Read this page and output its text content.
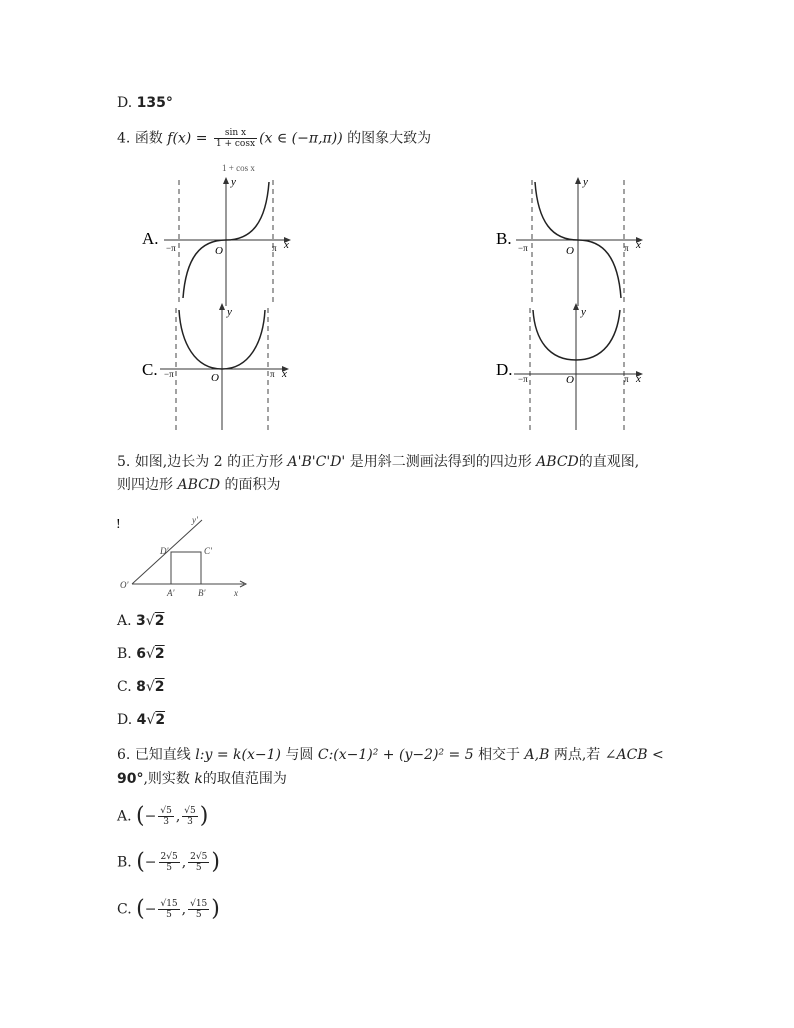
D. 135°
4. 函数 $f(x) = \frac{\text{sin x}}{1 + \cos x} (x$ ∈ (−π,π)) 的图象大致为
1 + cos x
A.
y
x
O
−π	π	B.
y
x
O
−π	π
C.
y
x
O
−π	π	D.
y
x
O
−π	π
5. 如图,边长为 2 的正方形 A'B'C'D' 是用斜二测画法得到的四边形 ABCD的直观图,
则四边形 ABCD 的面积为
!	y'
D'	C'
O'
A'	B'	x
A. 3√2
B. 6√2
C. 8√2
D. 4√2
6. 已知直线 l:y = k(x−1) 与圆 C:(x−1)² + (y−2)² = 5 相交于 A,B 两点,若 ∠ACB <
90°,则实数 k的取值范围为
A. (− $\frac{√5}{3}$ , $\frac{√5}{3}$ )
B. (− $\frac{2√5}{5}$ , $\frac{2√5}{5}$ )
C. (− $\frac{√15}{5}$ , $\frac{√15}{5}$ )
